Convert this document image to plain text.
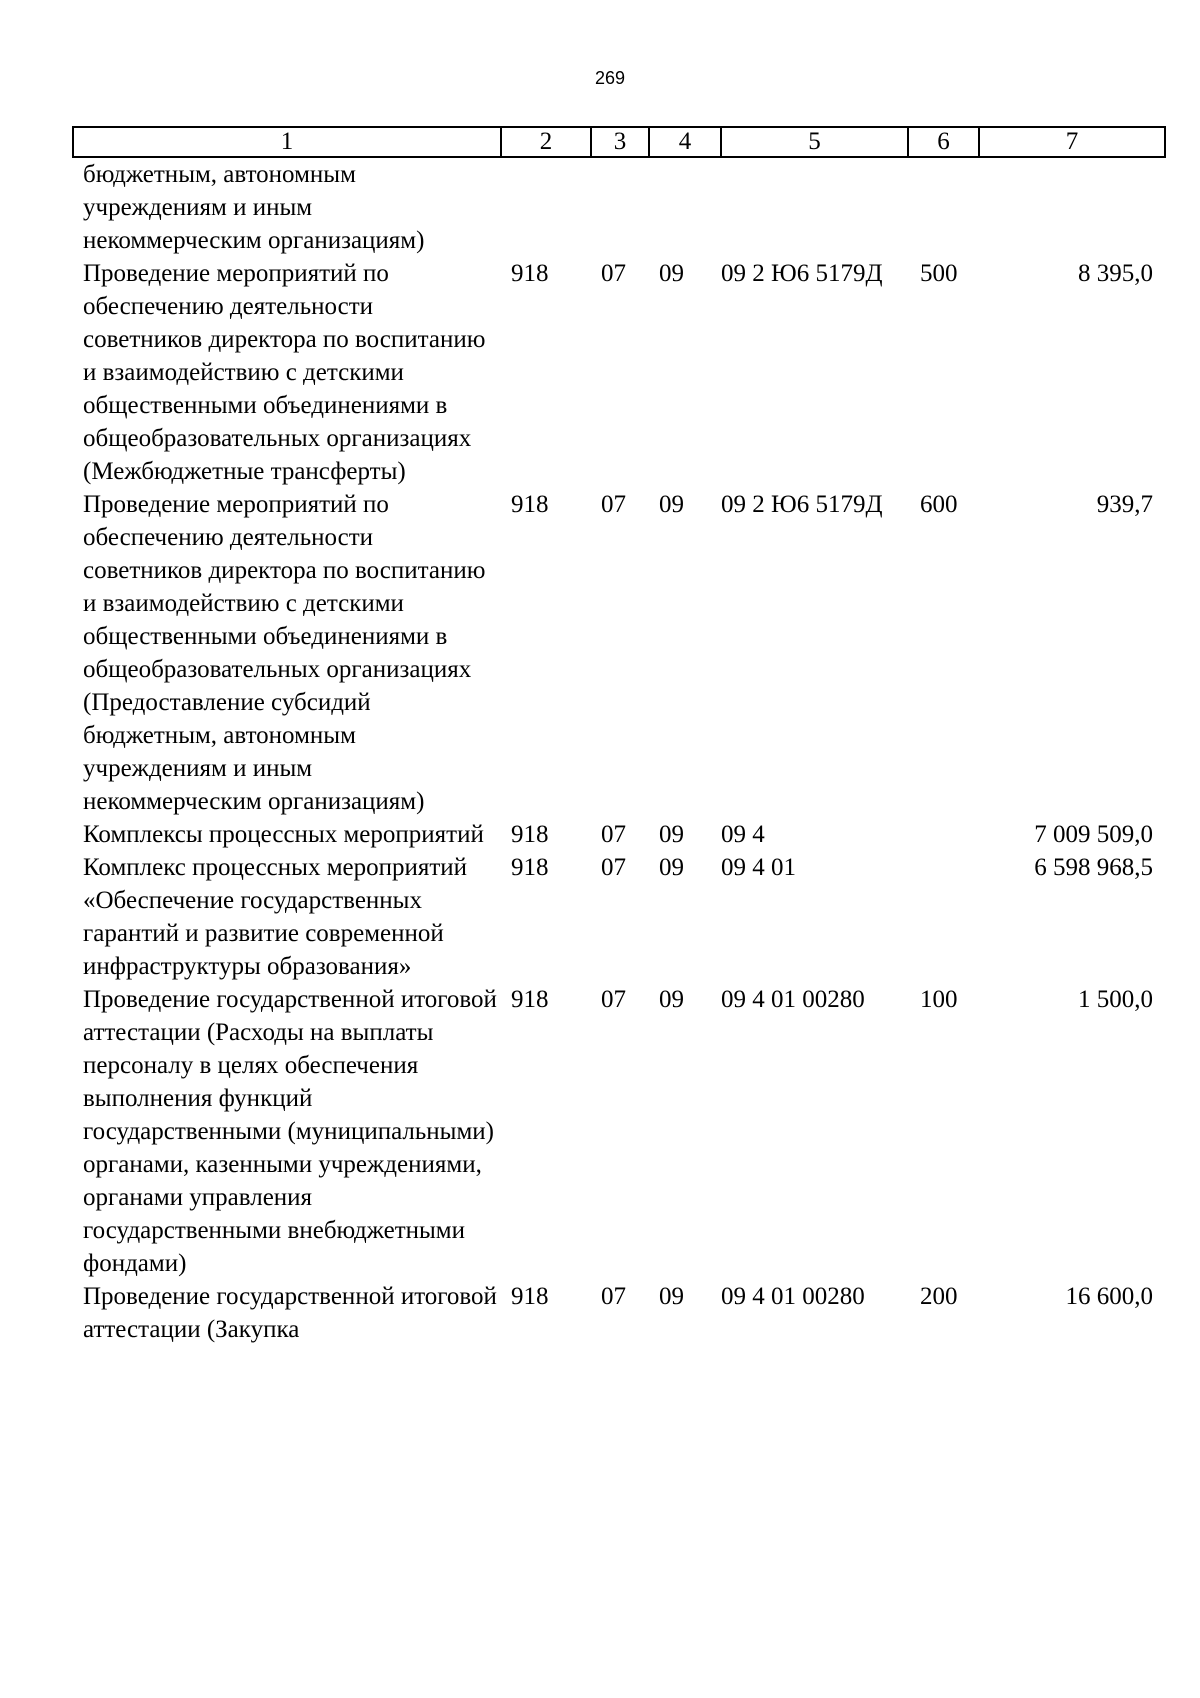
269
1	2	3	4	5	6	7
бюджетным, автономным учреждениям и иным некоммерческим организациям)						
Проведение мероприятий по обеспечению деятельности советников директора по воспитанию и взаимодействию с детскими общественными объединениями в общеобразовательных организациях (Межбюджетные трансферты)	918	07	09	09 2 Ю6 5179Д	500	8 395,0
Проведение мероприятий по обеспечению деятельности советников директора по воспитанию и взаимодействию с детскими общественными объединениями в общеобразовательных организациях (Предоставление субсидий бюджетным, автономным учреждениям и иным некоммерческим организациям)	918	07	09	09 2 Ю6 5179Д	600	939,7
Комплексы процессных мероприятий	918	07	09	09 4		7 009 509,0
Комплекс процессных мероприятий «Обеспечение государственных гарантий и развитие современной инфраструктуры образования»	918	07	09	09 4 01		6 598 968,5
Проведение государственной итоговой аттестации (Расходы на выплаты персоналу в целях обеспечения выполнения функций государственными (муниципальными) органами, казенными учреждениями, органами управления государственными внебюджетными фондами)	918	07	09	09 4 01 00280	100	1 500,0
Проведение государственной итоговой аттестации (Закупка	918	07	09	09 4 01 00280	200	16 600,0
